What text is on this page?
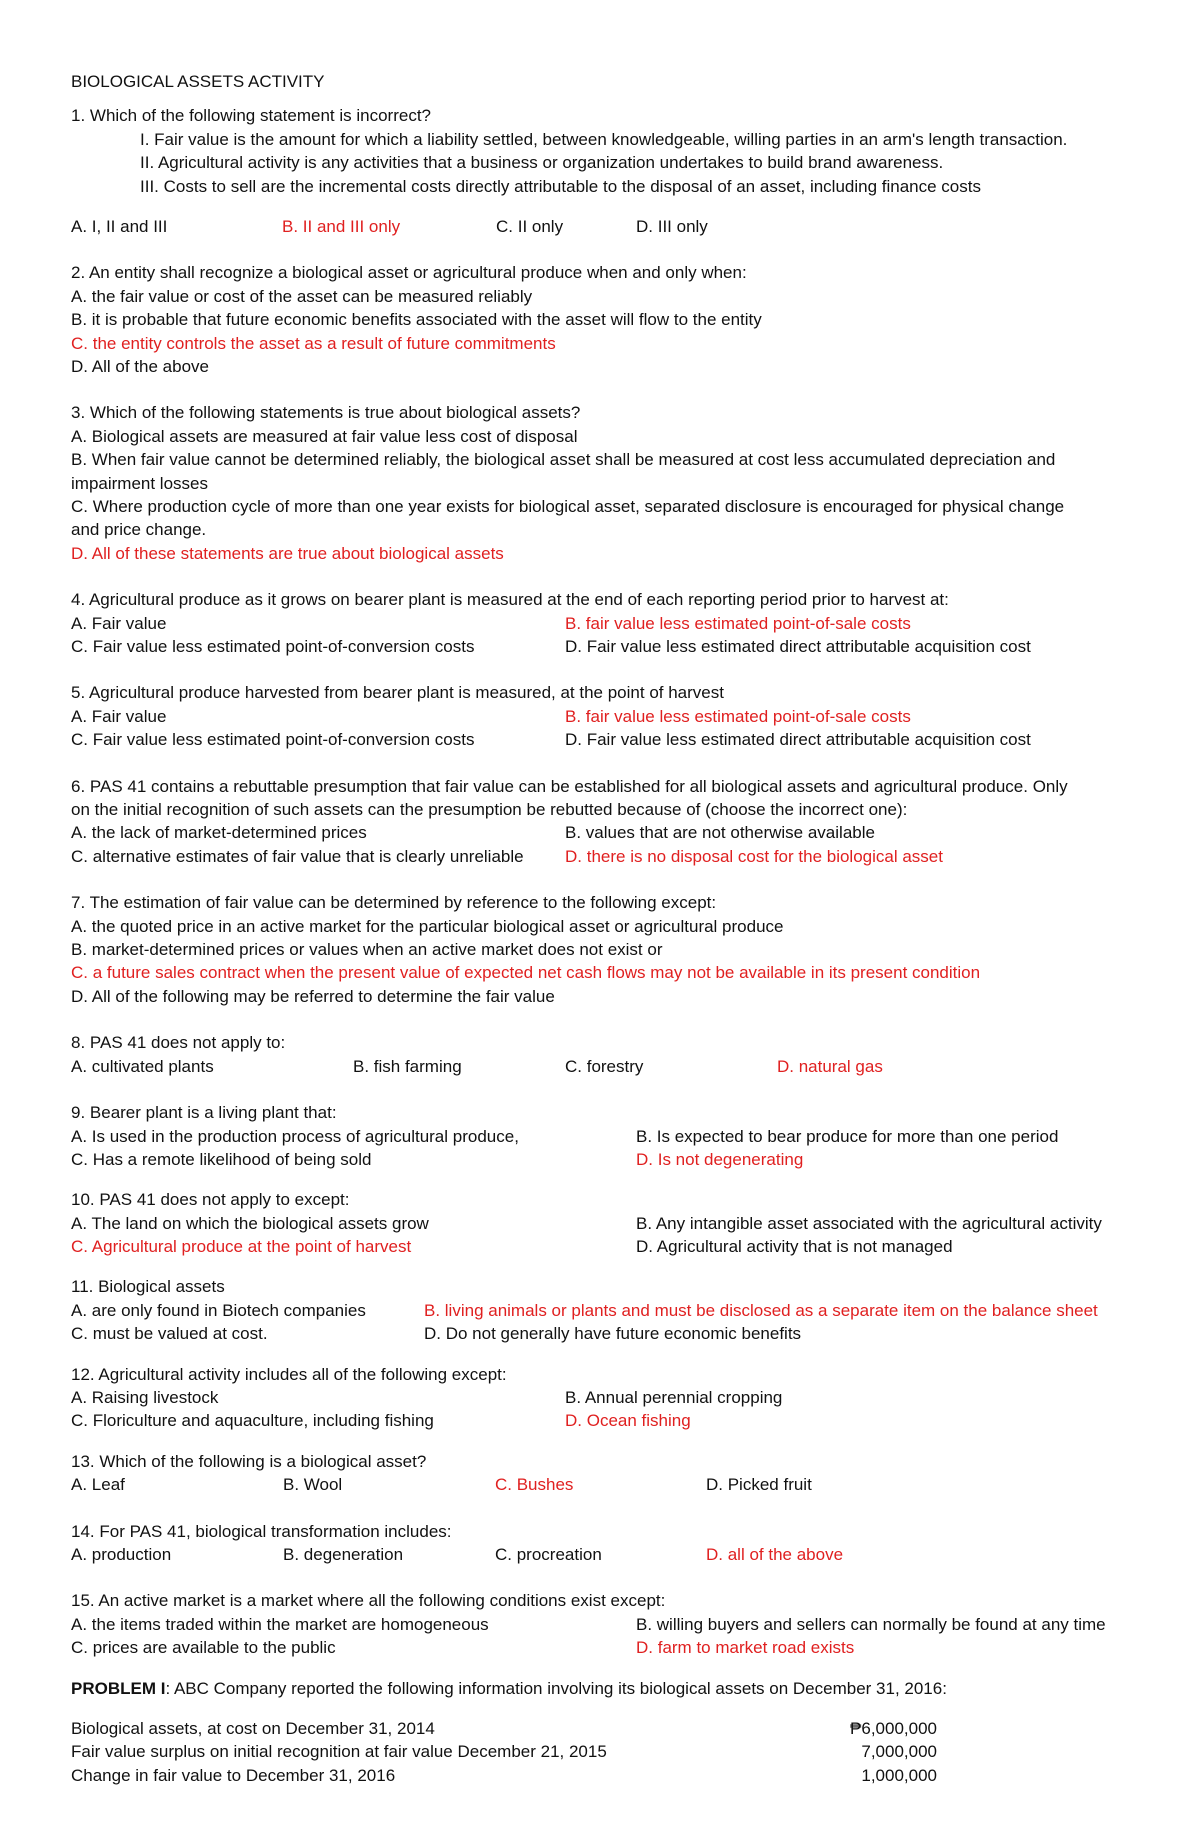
BIOLOGICAL ASSETS ACTIVITY
1. Which of the following statement is incorrect?
I. Fair value is the amount for which a liability settled, between knowledgeable, willing parties in an arm's length transaction.
II. Agricultural activity is any activities that a business or organization undertakes to build brand awareness.
III. Costs to sell are the incremental costs directly attributable to the disposal of an asset, including finance costs
A. I, II and III	B. II and III only	C. II only	D. III only
2. An entity shall recognize a biological asset or agricultural produce when and only when:
A. the fair value or cost of the asset can be measured reliably
B. it is probable that future economic benefits associated with the asset will flow to the entity
C. the entity controls the asset as a result of future commitments
D. All of the above
3. Which of the following statements is true about biological assets?
A. Biological assets are measured at fair value less cost of disposal
B. When fair value cannot be determined reliably, the biological asset shall be measured at cost less accumulated depreciation and
impairment losses
C. Where production cycle of more than one year exists for biological asset, separated disclosure is encouraged for physical change
and price change.
D. All of these statements are true about biological assets
4. Agricultural produce as it grows on bearer plant is measured at the end of each reporting period prior to harvest at:
A. Fair value	B. fair value less estimated point-of-sale costs
C. Fair value less estimated point-of-conversion costs	D. Fair value less estimated direct attributable acquisition cost
5. Agricultural produce harvested from bearer plant is measured, at the point of harvest
A. Fair value	B. fair value less estimated point-of-sale costs
C. Fair value less estimated point-of-conversion costs	D. Fair value less estimated direct attributable acquisition cost
6. PAS 41 contains a rebuttable presumption that fair value can be established for all biological assets and agricultural produce. Only
on the initial recognition of such assets can the presumption be rebutted because of (choose the incorrect one):
A. the lack of market-determined prices	B. values that are not otherwise available
C. alternative estimates of fair value that is clearly unreliable D. there is no disposal cost for the biological asset
7. The estimation of fair value can be determined by reference to the following except:
A. the quoted price in an active market for the particular biological asset or agricultural produce
B. market-determined prices or values when an active market does not exist or
C. a future sales contract when the present value of expected net cash flows may not be available in its present condition
D. All of the following may be referred to determine the fair value
8. PAS 41 does not apply to:
A. cultivated plants	B. fish farming	C. forestry	D. natural gas
9. Bearer plant is a living plant that:
A. Is used in the production process of agricultural produce,	B. Is expected to bear produce for more than one period
C. Has a remote likelihood of being sold	D. Is not degenerating
10. PAS 41 does not apply to except:
A. The land on which the biological assets grow	B. Any intangible asset associated with the agricultural activity
C. Agricultural produce at the point of harvest	D. Agricultural activity that is not managed
11. Biological assets
A. are only found in Biotech companies	B. living animals or plants and must be disclosed as a separate item on the balance sheet
C. must be valued at cost.	D. Do not generally have future economic benefits
12. Agricultural activity includes all of the following except:
A. Raising livestock	B. Annual perennial cropping
C. Floriculture and aquaculture, including fishing	D. Ocean fishing
13. Which of the following is a biological asset?
A. Leaf	B. Wool	C. Bushes	D. Picked fruit
14. For PAS 41, biological transformation includes:
A. production	B. degeneration	C. procreation	D. all of the above
15. An active market is a market where all the following conditions exist except:
A. the items traded within the market are homogeneous	B. willing buyers and sellers can normally be found at any time
C. prices are available to the public	D. farm to market road exists
PROBLEM I: ABC Company reported the following information involving its biological assets on December 31, 2016:
Biological assets, at cost on December 31, 2014	₱6,000,000
Fair value surplus on initial recognition at fair value December 21, 2015	7,000,000
Change in fair value to December 31, 2016	1,000,000
